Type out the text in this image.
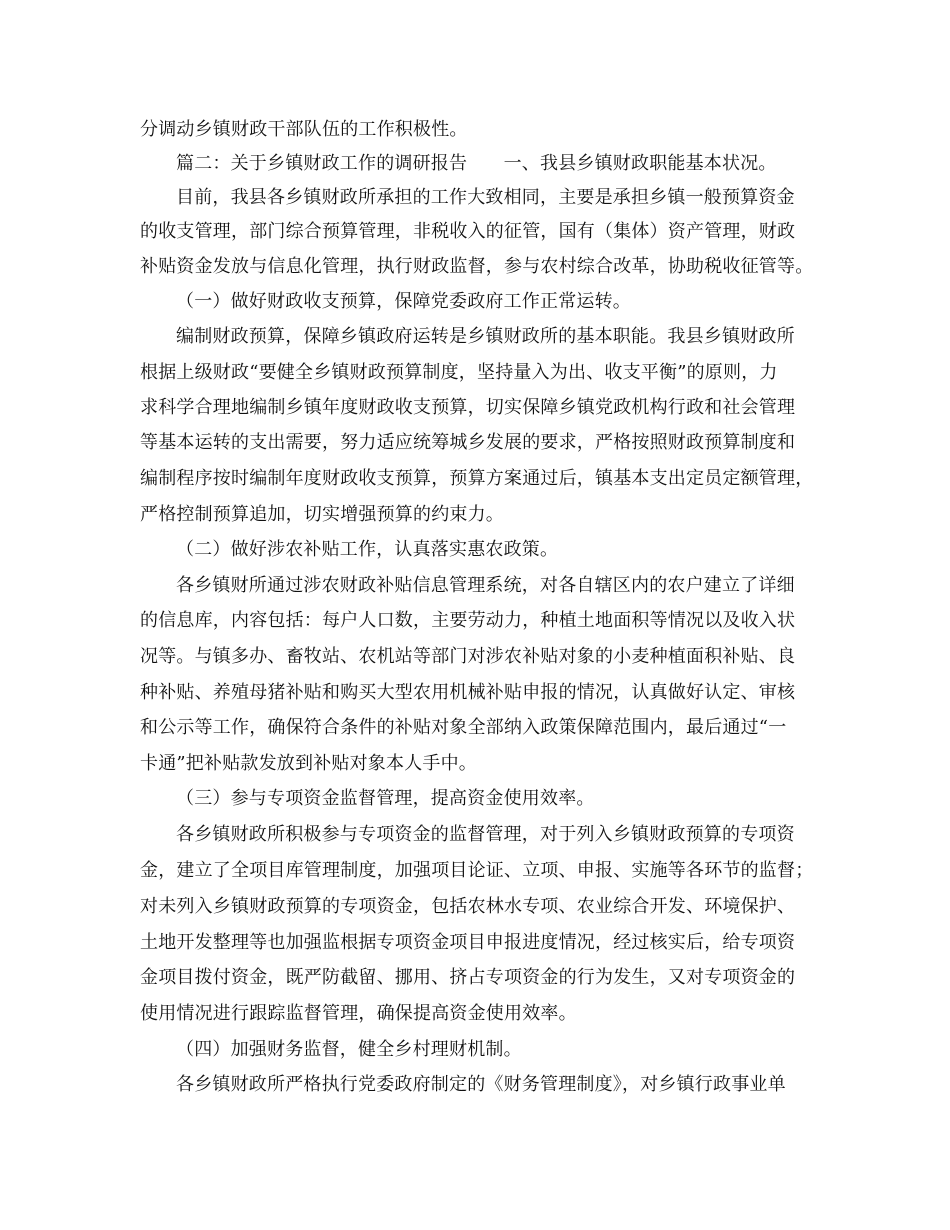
分调动乡镇财政干部队伍的工作积极性。
篇二：关于乡镇财政工作的调研报告　　一、我县乡镇财政职能基本状况。
目前，我县各乡镇财政所承担的工作大致相同，主要是承担乡镇一般预算资金
的收支管理，部门综合预算管理，非税收入的征管，国有（集体）资产管理，财政
补贴资金发放与信息化管理，执行财政监督，参与农村综合改革，协助税收征管等。
（一）做好财政收支预算，保障党委政府工作正常运转。
编制财政预算，保障乡镇政府运转是乡镇财政所的基本职能。我县乡镇财政所
根据上级财政“要健全乡镇财政预算制度，坚持量入为出、收支平衡”的原则，力
求科学合理地编制乡镇年度财政收支预算，切实保障乡镇党政机构行政和社会管理
等基本运转的支出需要，努力适应统筹城乡发展的要求，严格按照财政预算制度和
编制程序按时编制年度财政收支预算，预算方案通过后，镇基本支出定员定额管理，
严格控制预算追加，切实增强预算的约束力。
（二）做好涉农补贴工作，认真落实惠农政策。
各乡镇财所通过涉农财政补贴信息管理系统，对各自辖区内的农户建立了详细
的信息库，内容包括：每户人口数，主要劳动力，种植土地面积等情况以及收入状
况等。与镇多办、畜牧站、农机站等部门对涉农补贴对象的小麦种植面积补贴、良
种补贴、养殖母猪补贴和购买大型农用机械补贴申报的情况，认真做好认定、审核
和公示等工作，确保符合条件的补贴对象全部纳入政策保障范围内，最后通过“一
卡通”把补贴款发放到补贴对象本人手中。
（三）参与专项资金监督管理，提高资金使用效率。
各乡镇财政所积极参与专项资金的监督管理，对于列入乡镇财政预算的专项资
金，建立了全项目库管理制度，加强项目论证、立项、申报、实施等各环节的监督；
对未列入乡镇财政预算的专项资金，包括农林水专项、农业综合开发、环境保护、
土地开发整理等也加强监根据专项资金项目申报进度情况，经过核实后，给专项资
金项目拨付资金，既严防截留、挪用、挤占专项资金的行为发生，又对专项资金的
使用情况进行跟踪监督管理，确保提高资金使用效率。
（四）加强财务监督，健全乡村理财机制。
各乡镇财政所严格执行党委政府制定的《财务管理制度》，对乡镇行政事业单
